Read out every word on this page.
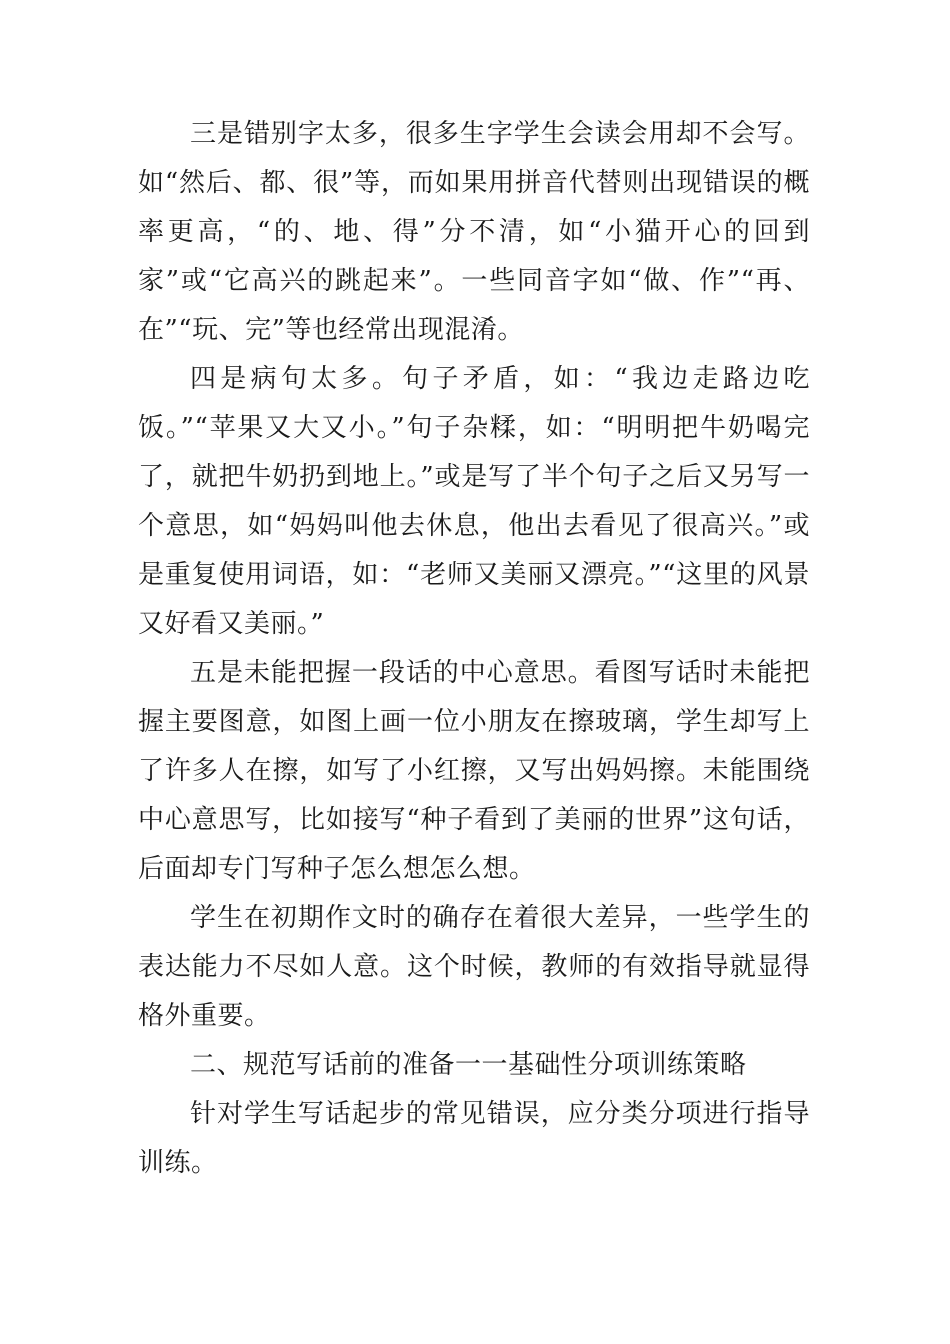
三是错别字太多，很多生字学生会读会用却不会写。如“然后、都、很”等，而如果用拼音代替则出现错误的概率更高，“的、地、得”分不清，如“小猫开心的回到家”或“它高兴的跳起来”。一些同音字如“做、作”“再、在”“玩、完”等也经常出现混淆。

四是病句太多。句子矛盾，如：“我边走路边吃饭。”“苹果又大又小。”句子杂糅，如：“明明把牛奶喝完了，就把牛奶扔到地上。”或是写了半个句子之后又另写一个意思，如“妈妈叫他去休息，他出去看见了很高兴。”或是重复使用词语，如：“老师又美丽又漂亮。”“这里的风景又好看又美丽。”

五是未能把握一段话的中心意思。看图写话时未能把握主要图意，如图上画一位小朋友在擦玻璃，学生却写上了许多人在擦，如写了小红擦，又写出妈妈擦。未能围绕中心意思写，比如接写“种子看到了美丽的世界”这句话，后面却专门写种子怎么想怎么想。

学生在初期作文时的确存在着很大差异，一些学生的表达能力不尽如人意。这个时候，教师的有效指导就显得格外重要。

二、规范写话前的准备一一基础性分项训练策略

针对学生写话起步的常见错误，应分类分项进行指导训练。
